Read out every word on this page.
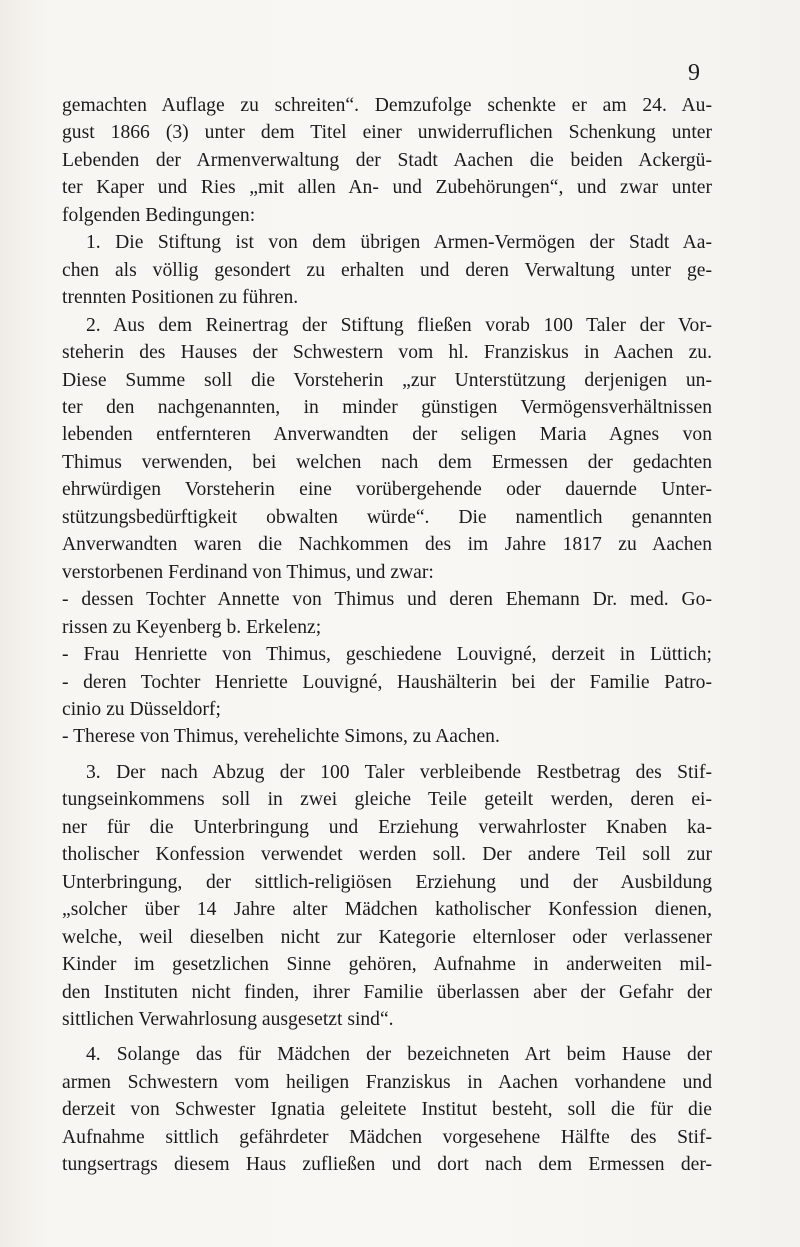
9

gemachten Auflage zu schreiten“. Demzufolge schenkte er am 24. Au-

gust 1866 (3) unter dem Titel einer unwiderruflichen Schenkung unter

Lebenden der Armenverwaltung der Stadt Aachen die beiden Ackergü-

ter Kaper und Ries „mit allen An- und Zubehörungen“, und zwar unter

folgenden Bedingungen:

1. Die Stiftung ist von dem übrigen Armen-Vermögen der Stadt Aa-

chen als völlig gesondert zu erhalten und deren Verwaltung unter ge-

trennten Positionen zu führen.

2. Aus dem Reinertrag der Stiftung fließen vorab 100 Taler der Vor-

steherin des Hauses der Schwestern vom hl. Franziskus in Aachen zu.

Diese Summe soll die Vorsteherin „zur Unterstützung derjenigen un-

ter den nachgenannten, in minder günstigen Vermögensverhältnissen

lebenden entfernteren Anverwandten der seligen Maria Agnes von

Thimus verwenden, bei welchen nach dem Ermessen der gedachten

ehrwürdigen Vorsteherin eine vorübergehende oder dauernde Unter-

stützungsbedürftigkeit obwalten würde“. Die namentlich genannten

Anverwandten waren die Nachkommen des im Jahre 1817 zu Aachen

verstorbenen Ferdinand von Thimus, und zwar:

- dessen Tochter Annette von Thimus und deren Ehemann Dr. med. Go-

rissen zu Keyenberg b. Erkelenz;

- Frau Henriette von Thimus, geschiedene Louvigné, derzeit in Lüttich;

- deren Tochter Henriette Louvigné, Haushälterin bei der Familie Patro-

cinio zu Düsseldorf;

- Therese von Thimus, verehelichte Simons, zu Aachen.

3. Der nach Abzug der 100 Taler verbleibende Restbetrag des Stif-

tungseinkommens soll in zwei gleiche Teile geteilt werden, deren ei-

ner für die Unterbringung und Erziehung verwahrloster Knaben ka-

tholischer Konfession verwendet werden soll. Der andere Teil soll zur

Unterbringung, der sittlich-religiösen Erziehung und der Ausbildung

„solcher über 14 Jahre alter Mädchen katholischer Konfession dienen,

welche, weil dieselben nicht zur Kategorie elternloser oder verlassener

Kinder im gesetzlichen Sinne gehören, Aufnahme in anderweiten mil-

den Instituten nicht finden, ihrer Familie überlassen aber der Gefahr der

sittlichen Verwahrlosung ausgesetzt sind“.

4. Solange das für Mädchen der bezeichneten Art beim Hause der

armen Schwestern vom heiligen Franziskus in Aachen vorhandene und

derzeit von Schwester Ignatia geleitete Institut besteht, soll die für die

Aufnahme sittlich gefährdeter Mädchen vorgesehene Hälfte des Stif-

tungsertrags diesem Haus zufließen und dort nach dem Ermessen der-
